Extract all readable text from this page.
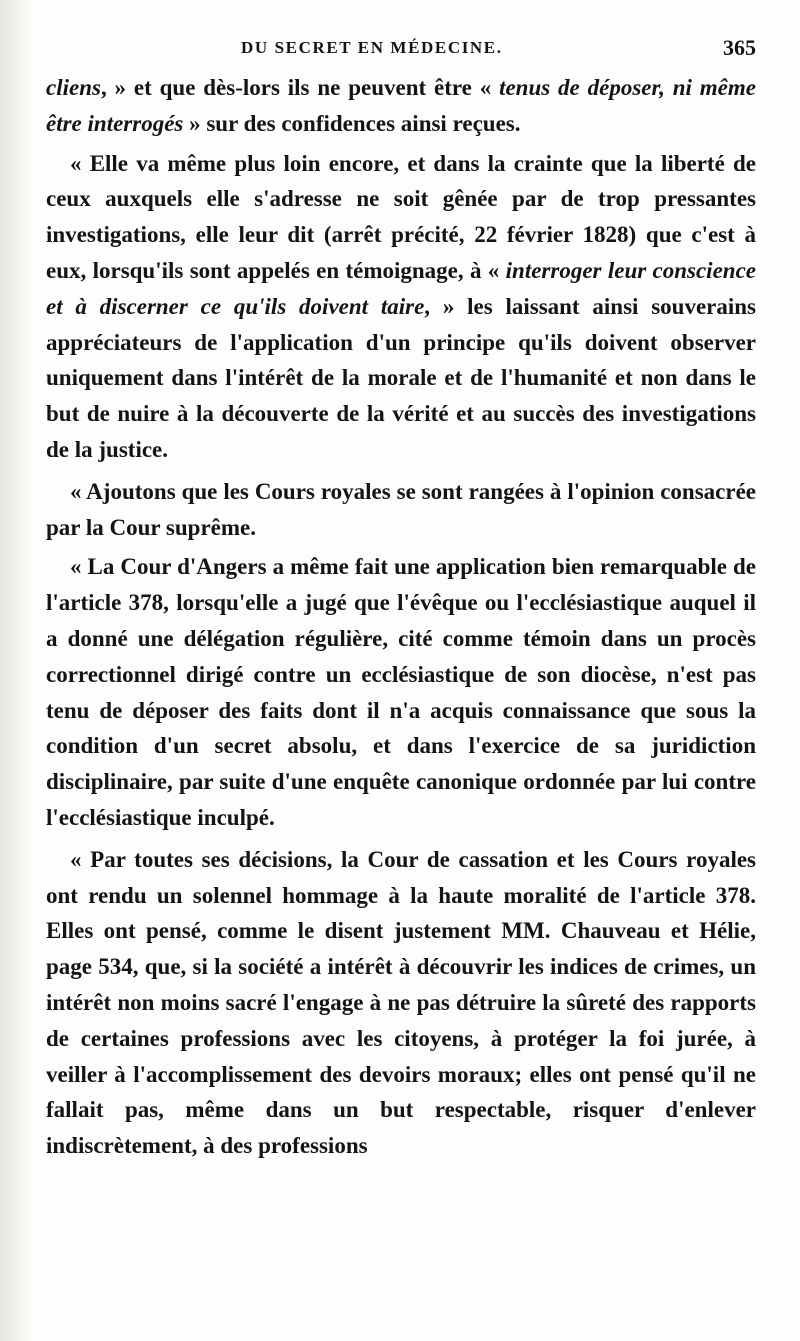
DU SECRET EN MÉDECINE.	365

cliens, » et que dès-lors ils ne peuvent être « tenus de déposer, ni même être interrogés » sur des confidences ainsi reçues.

« Elle va même plus loin encore, et dans la crainte que la liberté de ceux auxquels elle s'adresse ne soit gênée par de trop pressantes investigations, elle leur dit (arrêt précité, 22 février 1828) que c'est à eux, lorsqu'ils sont appelés en témoignage, à « interroger leur conscience et à discerner ce qu'ils doivent taire, » les laissant ainsi souverains appréciateurs de l'application d'un principe qu'ils doivent observer uniquement dans l'intérêt de la morale et de l'humanité et non dans le but de nuire à la découverte de la vérité et au succès des investigations de la justice.

« Ajoutons que les Cours royales se sont rangées à l'opinion consacrée par la Cour suprême.

« La Cour d'Angers a même fait une application bien remarquable de l'article 378, lorsqu'elle a jugé que l'évêque ou l'ecclésiastique auquel il a donné une délégation régulière, cité comme témoin dans un procès correctionnel dirigé contre un ecclésiastique de son diocèse, n'est pas tenu de déposer des faits dont il n'a acquis connaissance que sous la condition d'un secret absolu, et dans l'exercice de sa juridiction disciplinaire, par suite d'une enquête canonique ordonnée par lui contre l'ecclésiastique inculpé.

« Par toutes ses décisions, la Cour de cassation et les Cours royales ont rendu un solennel hommage à la haute moralité de l'article 378. Elles ont pensé, comme le disent justement MM. Chauveau et Hélie, page 534, que, si la société a intérêt à découvrir les indices de crimes, un intérêt non moins sacré l'engage à ne pas détruire la sûreté des rapports de certaines professions avec les citoyens, à protéger la foi jurée, à veiller à l'accomplissement des devoirs moraux; elles ont pensé qu'il ne fallait pas, même dans un but respectable, risquer d'enlever indiscrètement, à des professions
